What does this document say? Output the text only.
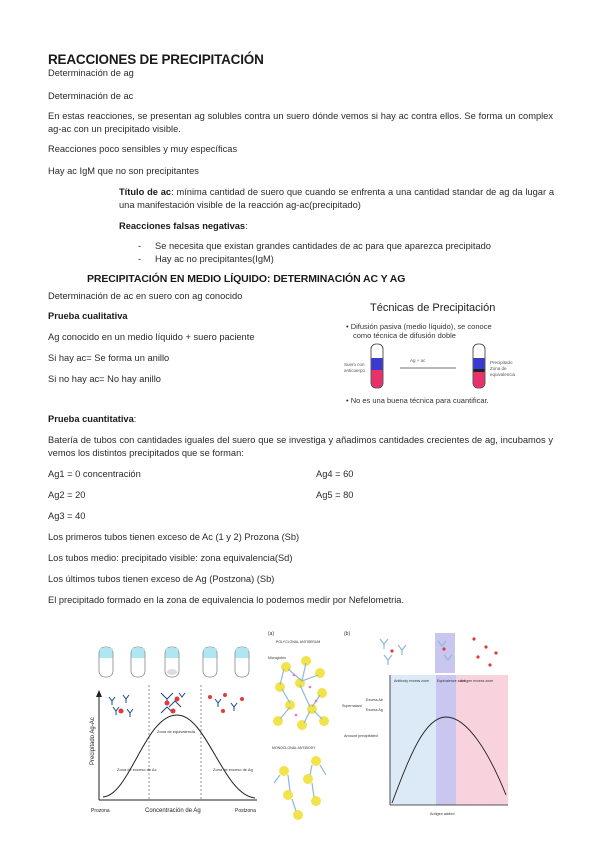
REACCIONES DE PRECIPITACIÓN
Determinación de ag
Determinación de ac
En estas reacciones, se presentan ag solubles contra un suero dónde vemos si hay ac contra ellos. Se forma un complex ag-ac con un precipitado visible.
Reacciones poco sensibles y muy específicas
Hay ac IgM que no son precipitantes
Título de ac: mínima cantidad de suero que cuando se enfrenta a una cantidad standar de ag da lugar a una manifestación visible de la reacción ag-ac(precipitado)
Reacciones falsas negativas:
- Se necesita que existan grandes cantidades de ac para que aparezca precipitado
- Hay ac no precipitantes(IgM)
PRECIPITACIÓN EN MEDIO LÍQUIDO: DETERMINACIÓN AC Y AG
Determinación de ac en suero con ag conocido
Prueba cualitativa
Ag conocido en un medio líquido + suero paciente
Si hay ac= Se forma un anillo
Si no hay ac= No hay anillo
Técnicas de Precipitación
• Difusión pasiva (medio líquido), se conoce
como técnica de difusión doble
Ag + ac
Suero con
anticuerpo
Precipitado
Zona de
equivalencia
• No es una buena técnica para cuantificar.
Prueba cuantitativa:
Batería de tubos con cantidades iguales del suero que se investiga y añadimos cantidades crecientes de ag, incubamos y vemos los distintos precipitados que se forman:
Ag1 = 0 concentración
Ag2 = 20
Ag3 = 40
Ag4 = 60
Ag5 = 80
Los primeros tubos tienen exceso de Ac (1 y 2) Prozona (Sb)
Los tubos medio: precipitado visible: zona equivalencia(Sd)
Los últimos tubos tienen exceso de Ag (Postzona) (Sb)
El precipitado formado en la zona de equivalencia lo podemos medir por Nefelometria.
Zona de exceso de Ac
Zona de equivalencia
Zona de exceso de Ag
Precipitado Ag-Ac
Concentración de Ag
Prozona	Postzona
(a)
POLYCLONAL ANTISERUM
Microglobin
MONOCLONAL ANTIBODY
(b)
Antibody excess zone Equivalence zone
Antigen excess zone
Supernatant
Excess Ab
Excess Ag
Amount precipitated
Antigen added
